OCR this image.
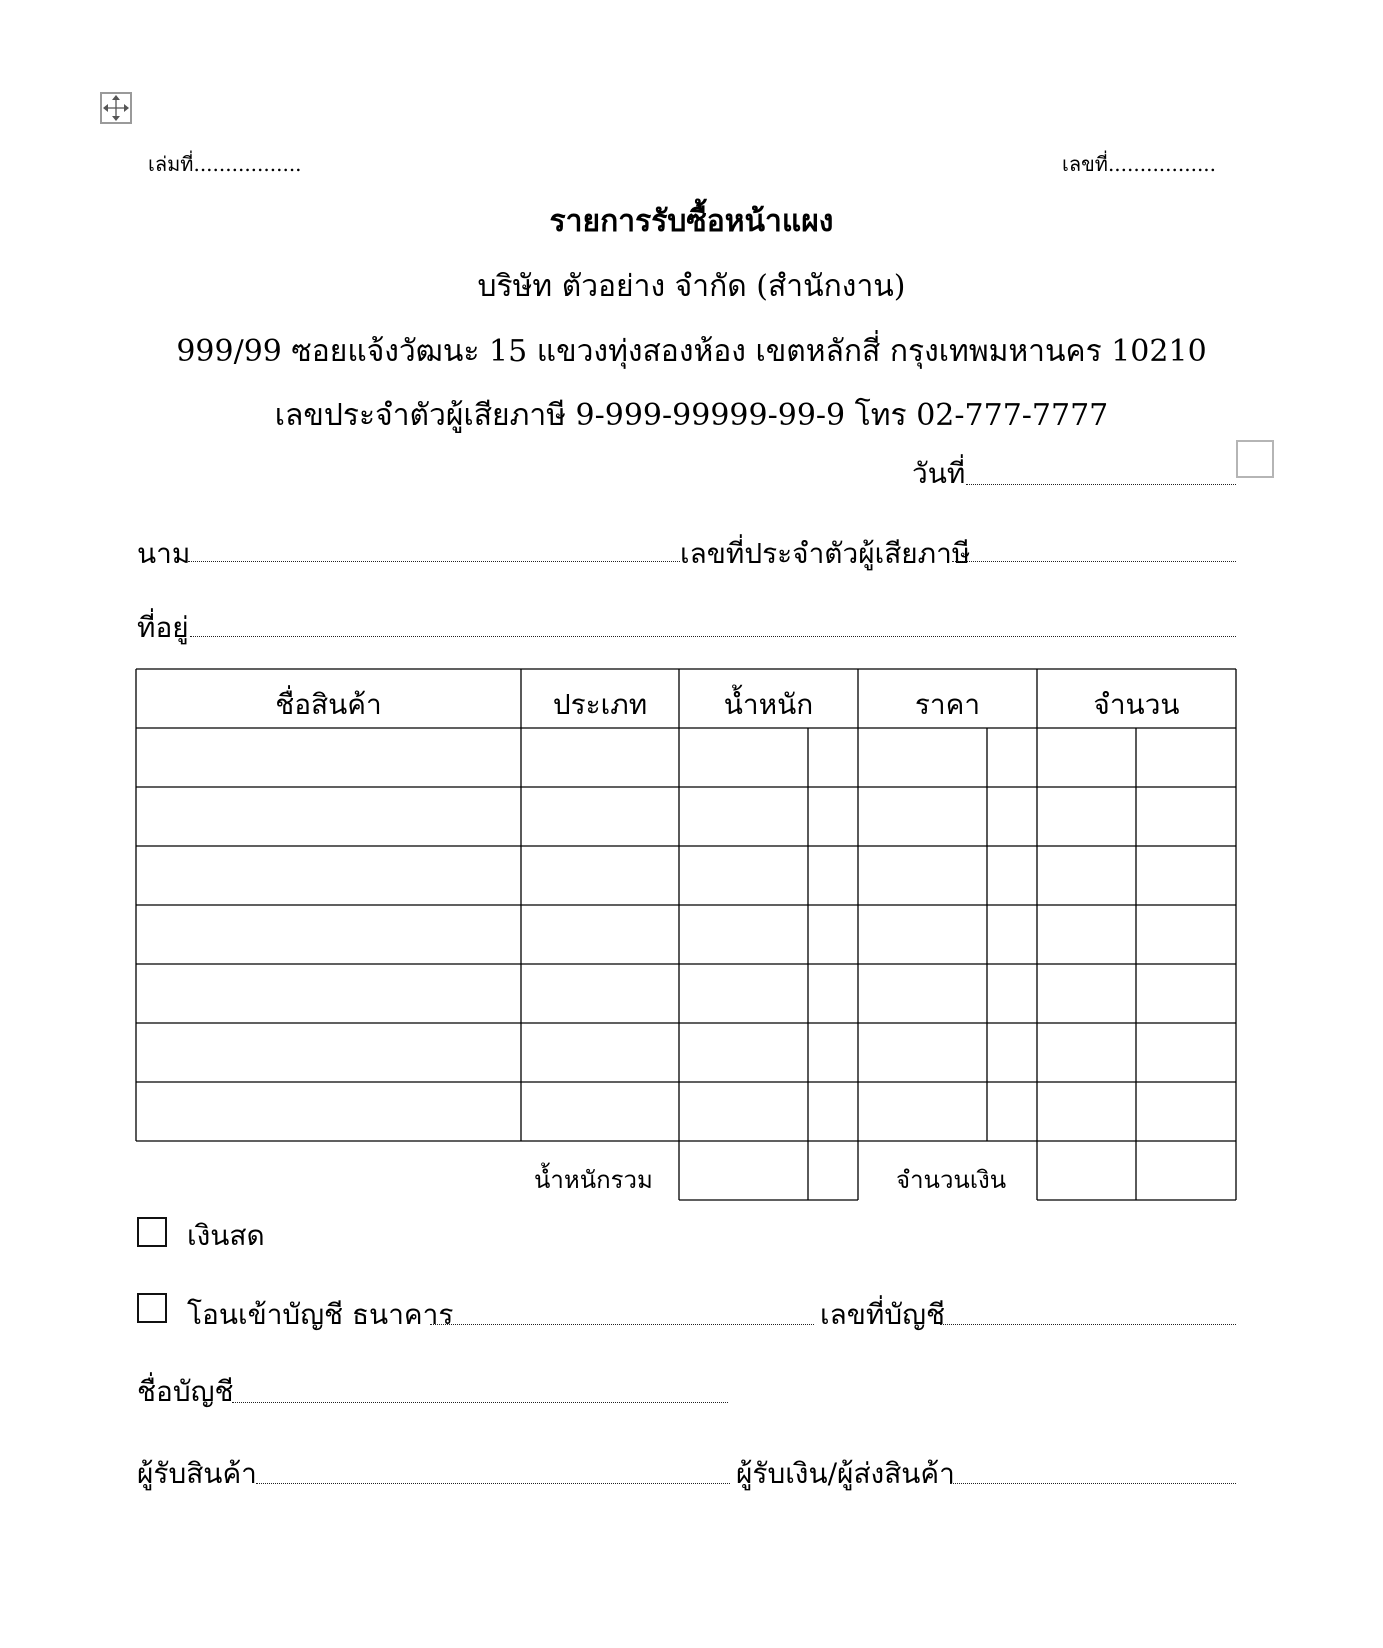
เล่มที่.................	เลขที่.................
รายการรับซื้อหน้าแผง
บริษัท ตัวอย่าง จำกัด (สำนักงาน)
999/99 ซอยแจ้งวัฒนะ 15 แขวงทุ่งสองห้อง เขตหลักสี่ กรุงเทพมหานคร 10210
เลขประจำตัวผู้เสียภาษี 9-999-99999-99-9 โทร 02-777-7777
วันที่
นาม	เลขที่ประจำตัวผู้เสียภาษี
ที่อยู่
ชื่อสินค้า	ประเภท	น้ำหนัก	ราคา	จำนวน
น้ำหนักรวม	จำนวนเงิน
เงินสด
โอนเข้าบัญชี ธนาคาร	เลขที่บัญชี
ชื่อบัญชี
ผู้รับสินค้า	ผู้รับเงิน/ผู้ส่งสินค้า
